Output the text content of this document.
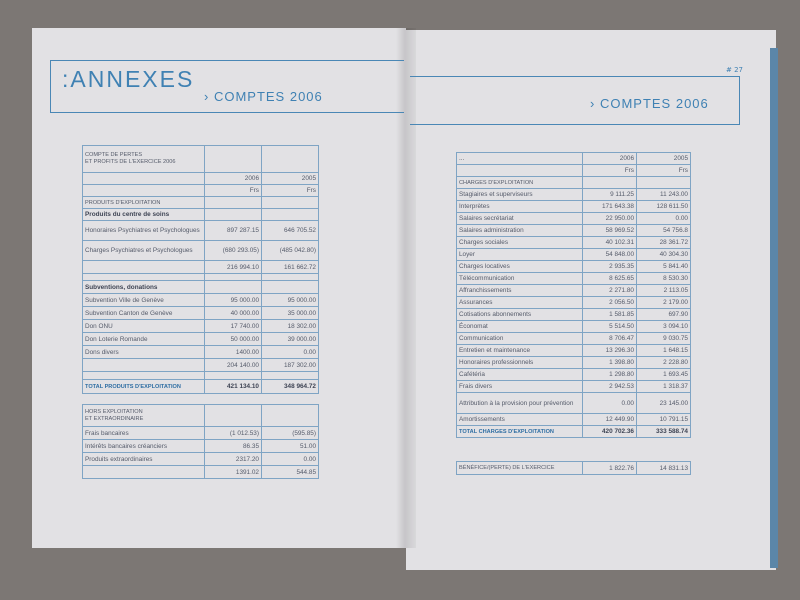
:ANNEXES
› COMPTES 2006
# 27
› COMPTES 2006
COMPTE DE PERTES
ET PROFITS DE L'EXERCICE 2006		
	2006	2005
	Frs	Frs
PRODUITS D'EXPLOITATION		
Produits du centre de soins		
Honoraires Psychiatres et Psychologues	897 287.15	646 705.52
Charges Psychiatres et Psychologues	(680 293.05)	(485 042.80)
	216 994.10	161 662.72

Subventions, donations		
Subvention Ville de Genève	95 000.00	95 000.00
Subvention Canton de Genève	40 000.00	35 000.00
Don ONU	17 740.00	18 302.00
Don Loterie Romande	50 000.00	39 000.00
Dons divers	1400.00	0.00
	204 140.00	187 302.00

TOTAL PRODUITS D'EXPLOITATION	421 134.10	348 964.72
HORS EXPLOITATION
ET EXTRAORDINAIRE		
Frais bancaires	(1 012.53)	(595.85)
Intérêts bancaires créanciers	86.35	51.00
Produits extraordinaires	2317.20	0.00
	1391.02	544.85
...	2006	2005
	Frs	Frs
CHARGES D'EXPLOITATION		
Stagiaires et superviseurs	9 111.25	11 243.00
Interprètes	171 643.38	128 611.50
Salaires secrétariat	22 950.00	0.00
Salaires administration	58 969.52	54 756.8
Charges sociales	40 102.31	28 361.72
Loyer	54 848.00	40 304.30
Charges locatives	2 935.35	5 841.40
Télécommunication	8 625.65	8 530.30
Affranchissements	2 271.80	2 113.05
Assurances	2 056.50	2 179.00
Cotisations abonnements	1 581.85	697.90
Économat	5 514.50	3 094.10
Communication	8 706.47	9 030.75
Entretien et maintenance	13 296.30	1 648.15
Honoraires professionnels	1 398.80	2 228.80
Cafétéria	1 298.80	1 693.45
Frais divers	2 942.53	1 318.37
Attribution à la provision pour prévention	0.00	23 145.00
Amortissements	12 449.90	10 791.15
TOTAL CHARGES D'EXPLOITATION	420 702.36	333 588.74
BÉNÉFICE/(PERTE) DE L'EXERCICE	1 822.76	14 831.13
